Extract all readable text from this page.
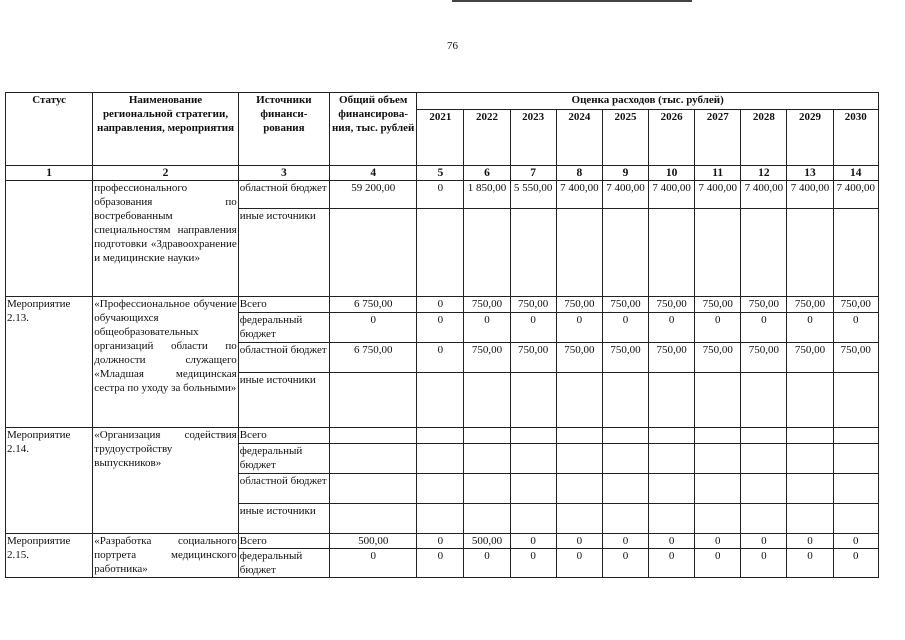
76
Статус	Наименование региональной стратегии, направления, мероприятия	Источники финанси-рования	Общий объем финансирова-ния, тыс. рублей	Оценка расходов (тыс. рублей)									
				2021	2022	2023	2024	2025	2026	2027	2028	2029	2030
1	2	3	4	5	6	7	8	9	10	11	12	13	14
	профессионального образования по востребованным специальностям направления подготовки «Здравоохранение и медицинские науки»	областной бюджет	59 200,00	0	1 850,00	5 550,00	7 400,00	7 400,00	7 400,00	7 400,00	7 400,00	7 400,00	7 400,00
		иные источники											
Мероприятие 2.13.	«Профессиональное обучение обучающихся общеобразовательных организаций области по должности служащего «Младшая медицинская сестра по уходу за больными»	Всего	6 750,00	0	750,00	750,00	750,00	750,00	750,00	750,00	750,00	750,00	750,00
		федеральный бюджет	0	0	0	0	0	0	0	0	0	0	0
		областной бюджет	6 750,00	0	750,00	750,00	750,00	750,00	750,00	750,00	750,00	750,00	750,00
		иные источники											
Мероприятие 2.14.	«Организация содействия трудоустройству выпускников»	Всего											
		федеральный бюджет											
		областной бюджет											
		иные источники											
Мероприятие 2.15.	«Разработка социального портрета медицинского работника»	Всего	500,00	0	500,00	0	0	0	0	0	0	0	0
		федеральный бюджет	0	0	0	0	0	0	0	0	0	0	0
